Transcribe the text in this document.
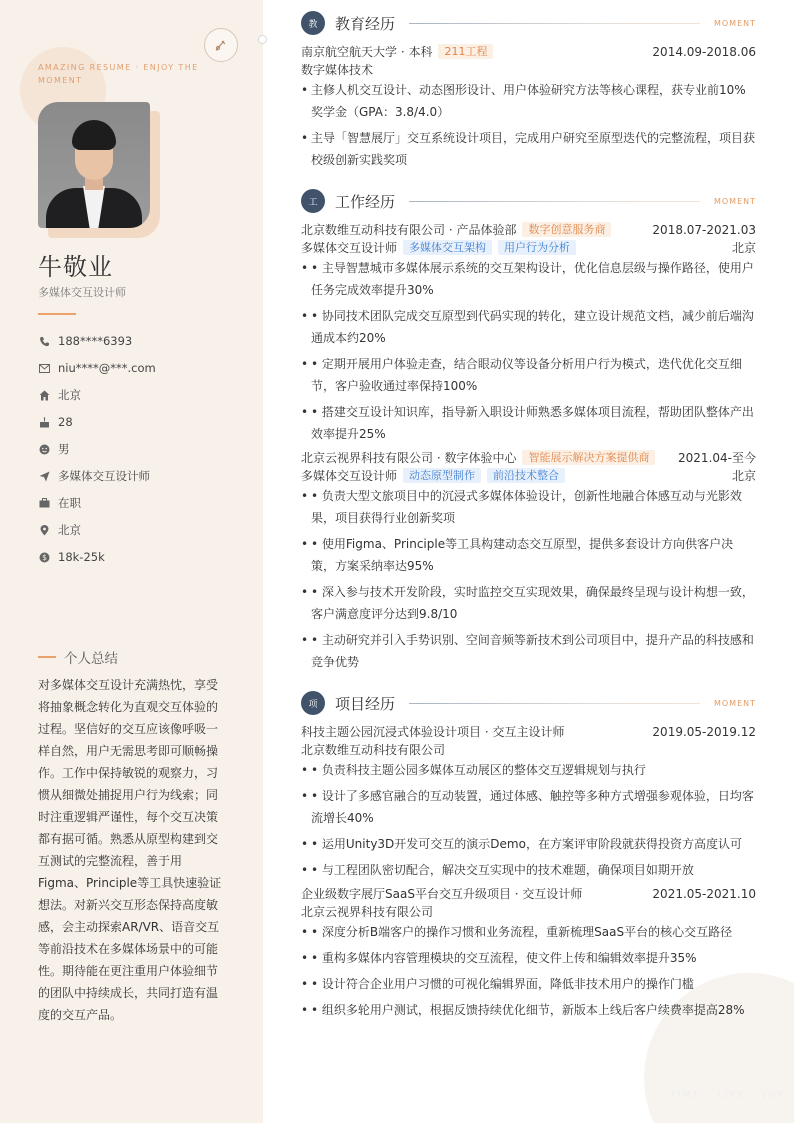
AMAZING RESUME · ENJOY THE MOMENT
牛敬业
多媒体交互设计师
188****6393
niu****@***.com
北京
28
男
多媒体交互设计师
在职
北京
$ 18k-25k
个人总结
对多媒体交互设计充满热忱，享受将抽象概念转化为直观交互体验的过程。坚信好的交互应该像呼吸一样自然，用户无需思考即可顺畅操作。工作中保持敏锐的观察力，习惯从细微处捕捉用户行为线索；同时注重逻辑严谨性，每个交互决策都有据可循。熟悉从原型构建到交互测试的完整流程，善于用Figma、Principle等工具快速验证想法。对新兴交互形态保持高度敏感，会主动探索AR/VR、语音交互等前沿技术在多媒体场景中的可能性。期待能在更注重用户体验细节的团队中持续成长，共同打造有温度的交互产品。
TIME · LIFE · JOY
教	教育经历	MOMENT
南京航空航天大学 · 本科	211工程	2014.09-2018.06
数字媒体技术
• 主修人机交互设计、动态图形设计、用户体验研究方法等核心课程，获专业前10%奖学金（GPA：3.8/4.0）
• 主导「智慧展厅」交互系统设计项目，完成用户研究至原型迭代的完整流程，项目获校级创新实践奖项
工	工作经历	MOMENT
北京数维互动科技有限公司 · 产品体验部	数字创意服务商	2018.07-2021.03
多媒体交互设计师	多媒体交互架构	用户行为分析	北京
• • 主导智慧城市多媒体展示系统的交互架构设计，优化信息层级与操作路径，使用户任务完成效率提升30%
• • 协同技术团队完成交互原型到代码实现的转化，建立设计规范文档，减少前后端沟通成本约20%
• • 定期开展用户体验走查，结合眼动仪等设备分析用户行为模式，迭代优化交互细节，客户验收通过率保持100%
• • 搭建交互设计知识库，指导新入职设计师熟悉多媒体项目流程，帮助团队整体产出效率提升25%
北京云视界科技有限公司 · 数字体验中心	智能展示解决方案提供商	2021.04-至今
多媒体交互设计师	动态原型制作	前沿技术整合	北京
• • 负责大型文旅项目中的沉浸式多媒体体验设计，创新性地融合体感互动与光影效果，项目获得行业创新奖项
• • 使用Figma、Principle等工具构建动态交互原型，提供多套设计方向供客户决策，方案采纳率达95%
• • 深入参与技术开发阶段，实时监控交互实现效果，确保最终呈现与设计构想一致，客户满意度评分达到9.8/10
• • 主动研究并引入手势识别、空间音频等新技术到公司项目中，提升产品的科技感和竞争优势
项	项目经历	MOMENT
科技主题公园沉浸式体验设计项目 · 交互主设计师	2019.05-2019.12
北京数维互动科技有限公司
• • 负责科技主题公园多媒体互动展区的整体交互逻辑规划与执行
• • 设计了多感官融合的互动装置，通过体感、触控等多种方式增强参观体验，日均客流增长40%
• • 运用Unity3D开发可交互的演示Demo，在方案评审阶段就获得投资方高度认可
• • 与工程团队密切配合，解决交互实现中的技术难题，确保项目如期开放
企业级数字展厅SaaS平台交互升级项目 · 交互设计师	2021.05-2021.10
北京云视界科技有限公司
• • 深度分析B端客户的操作习惯和业务流程，重新梳理SaaS平台的核心交互路径
• • 重构多媒体内容管理模块的交互流程，使文件上传和编辑效率提升35%
• • 设计符合企业用户习惯的可视化编辑界面，降低非技术用户的操作门槛
• • 组织多轮用户测试，根据反馈持续优化细节，新版本上线后客户续费率提高28%
